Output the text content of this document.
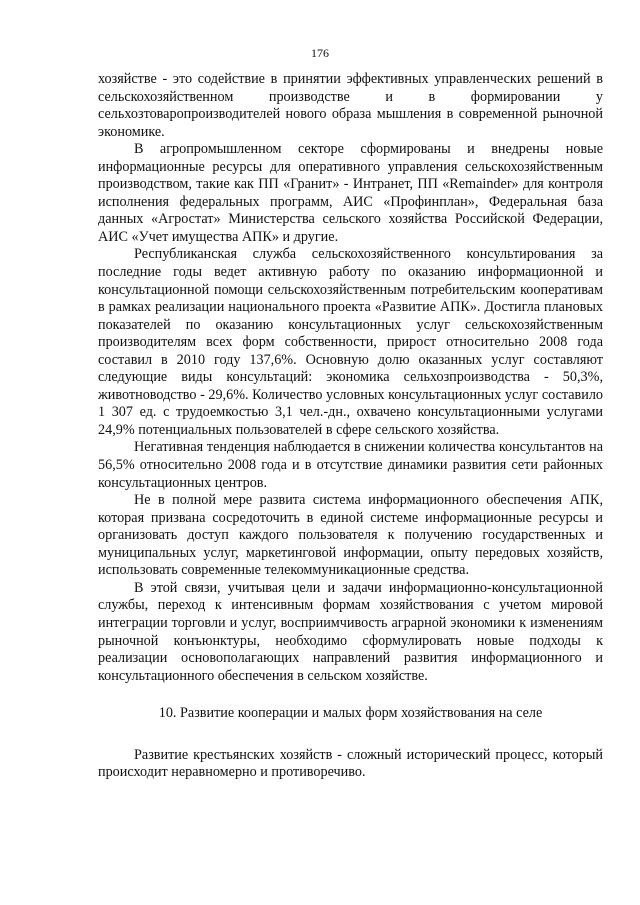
176

хозяйстве - это содействие в принятии эффективных управленческих решений в сельскохозяйственном производстве и в формировании у сельхозтоваропроизводителей нового образа мышления в современной рыночной экономике.

В агропромышленном секторе сформированы и внедрены новые информационные ресурсы для оперативного управления сельскохозяйственным производством, такие как ПП «Гранит» - Интранет, ПП «Remainder» для контроля исполнения федеральных программ, АИС «Профинплан», Федеральная база данных «Агростат» Министерства сельского хозяйства Российской Федерации, АИС «Учет имущества АПК» и другие.

Республиканская служба сельскохозяйственного консультирования за последние годы ведет активную работу по оказанию информационной и консультационной помощи сельскохозяйственным потребительским кооперативам в рамках реализации национального проекта «Развитие АПК». Достигла плановых показателей по оказанию консультационных услуг сельскохозяйственным производителям всех форм собственности, прирост относительно 2008 года составил в 2010 году 137,6%. Основную долю оказанных услуг составляют следующие виды консультаций: экономика сельхозпроизводства - 50,3%, животноводство - 29,6%. Количество условных консультационных услуг составило 1 307 ед. с трудоемкостью 3,1 чел.-дн., охвачено консультационными услугами 24,9% потенциальных пользователей в сфере сельского хозяйства.

Негативная тенденция наблюдается в снижении количества консультантов на 56,5% относительно 2008 года и в отсутствие динамики развития сети районных консультационных центров.

Не в полной мере развита система информационного обеспечения АПК, которая призвана сосредоточить в единой системе информационные ресурсы и организовать доступ каждого пользователя к получению государственных и муниципальных услуг, маркетинговой информации, опыту передовых хозяйств, использовать современные телекоммуникационные средства.

В этой связи, учитывая цели и задачи информационно-консультационной службы, переход к интенсивным формам хозяйствования с учетом мировой интеграции торговли и услуг, восприимчивость аграрной экономики к изменениям рыночной конъюнктуры, необходимо сформулировать новые подходы к реализации основополагающих направлений развития информационного и консультационного обеспечения в сельском хозяйстве.

10. Развитие кооперации и малых форм хозяйствования на селе

Развитие крестьянских хозяйств - сложный исторический процесс, который происходит неравномерно и противоречиво.
